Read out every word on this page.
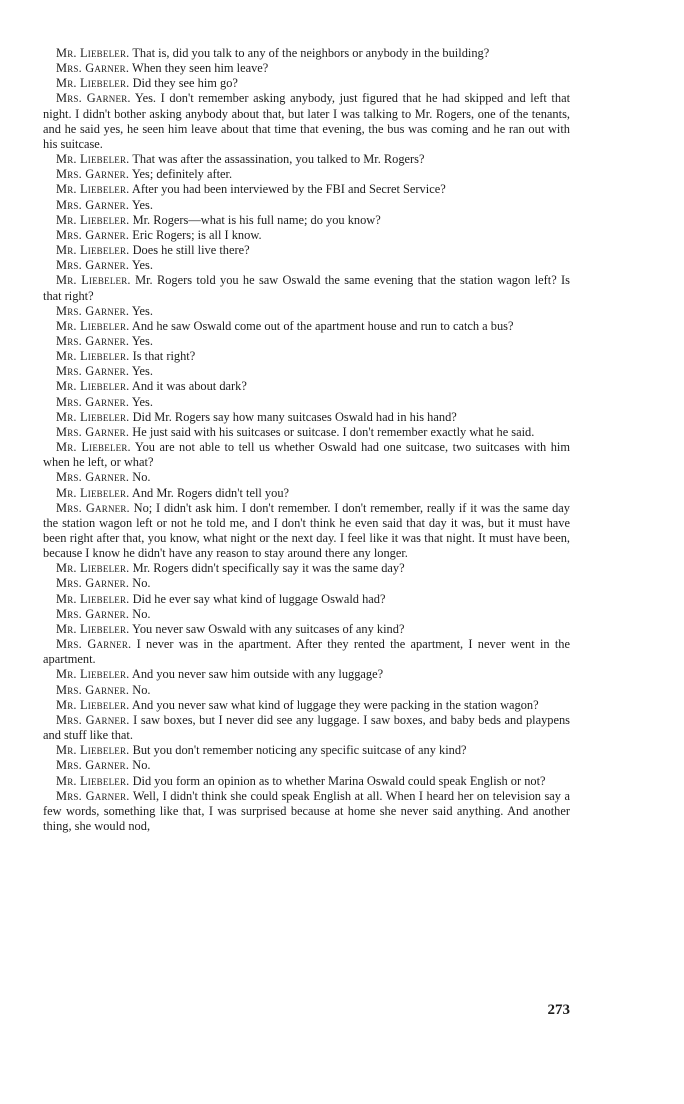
Mr. Liebeler. That is, did you talk to any of the neighbors or anybody in the building?

Mrs. Garner. When they seen him leave?

Mr. Liebeler. Did they see him go?

Mrs. Garner. Yes. I don't remember asking anybody, just figured that he had skipped and left that night. I didn't bother asking anybody about that, but later I was talking to Mr. Rogers, one of the tenants, and he said yes, he seen him leave about that time that evening, the bus was coming and he ran out with his suitcase.

Mr. Liebeler. That was after the assassination, you talked to Mr. Rogers?

Mrs. Garner. Yes; definitely after.

Mr. Liebeler. After you had been interviewed by the FBI and Secret Service?

Mrs. Garner. Yes.

Mr. Liebeler. Mr. Rogers—what is his full name; do you know?

Mrs. Garner. Eric Rogers; is all I know.

Mr. Liebeler. Does he still live there?

Mrs. Garner. Yes.

Mr. Liebeler. Mr. Rogers told you he saw Oswald the same evening that the station wagon left? Is that right?

Mrs. Garner. Yes.

Mr. Liebeler. And he saw Oswald come out of the apartment house and run to catch a bus?

Mrs. Garner. Yes.

Mr. Liebeler. Is that right?

Mrs. Garner. Yes.

Mr. Liebeler. And it was about dark?

Mrs. Garner. Yes.

Mr. Liebeler. Did Mr. Rogers say how many suitcases Oswald had in his hand?

Mrs. Garner. He just said with his suitcases or suitcase. I don't remember exactly what he said.

Mr. Liebeler. You are not able to tell us whether Oswald had one suitcase, two suitcases with him when he left, or what?

Mrs. Garner. No.

Mr. Liebeler. And Mr. Rogers didn't tell you?

Mrs. Garner. No; I didn't ask him. I don't remember. I don't remember, really if it was the same day the station wagon left or not he told me, and I don't think he even said that day it was, but it must have been right after that, you know, what night or the next day. I feel like it was that night. It must have been, because I know he didn't have any reason to stay around there any longer.

Mr. Liebeler. Mr. Rogers didn't specifically say it was the same day?

Mrs. Garner. No.

Mr. Liebeler. Did he ever say what kind of luggage Oswald had?

Mrs. Garner. No.

Mr. Liebeler. You never saw Oswald with any suitcases of any kind?

Mrs. Garner. I never was in the apartment. After they rented the apartment, I never went in the apartment.

Mr. Liebeler. And you never saw him outside with any luggage?

Mrs. Garner. No.

Mr. Liebeler. And you never saw what kind of luggage they were packing in the station wagon?

Mrs. Garner. I saw boxes, but I never did see any luggage. I saw boxes, and baby beds and playpens and stuff like that.

Mr. Liebeler. But you don't remember noticing any specific suitcase of any kind?

Mrs. Garner. No.

Mr. Liebeler. Did you form an opinion as to whether Marina Oswald could speak English or not?

Mrs. Garner. Well, I didn't think she could speak English at all. When I heard her on television say a few words, something like that, I was surprised because at home she never said anything. And another thing, she would nod,

273
